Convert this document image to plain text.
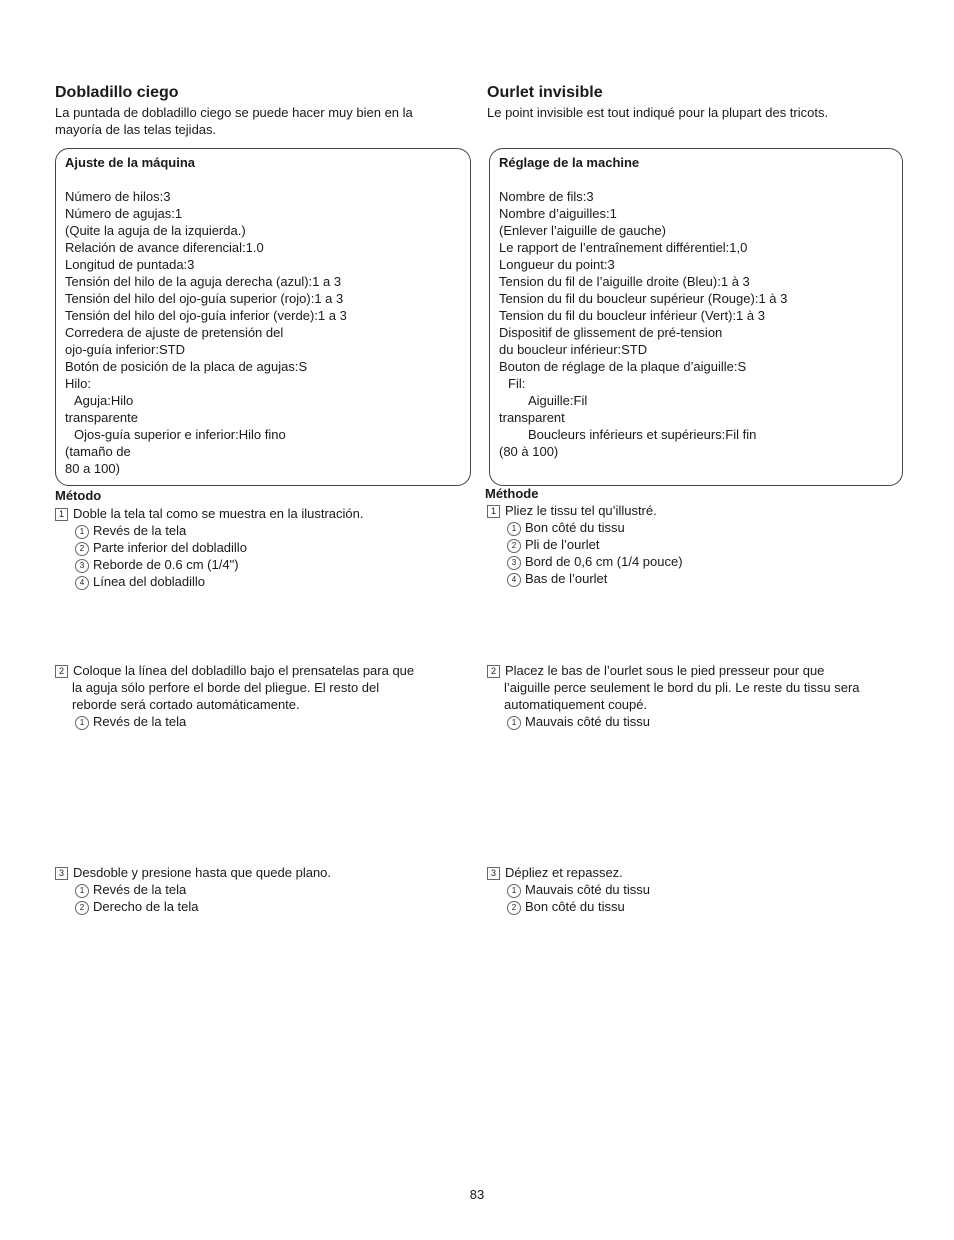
Dobladillo ciego
La puntada de dobladillo ciego se puede hacer muy bien en la
mayoría de las telas tejidas.
Ajuste de la máquina
Número de hilos:3
Número de agujas:1
(Quite la aguja de la izquierda.)
Relación de avance diferencial:1.0
Longitud de puntada:3
Tensión del hilo de la aguja derecha (azul):1 a 3
Tensión del hilo del ojo-guía superior (rojo):1 a 3
Tensión del hilo del ojo-guía inferior (verde):1 a 3
Corredera de ajuste de pretensión del
ojo-guía inferior:STD
Botón de posición de la placa de agujas:S
Hilo:
Aguja:Hilo
transparente
Ojos-guía superior e inferior:Hilo fino
(tamaño de
80 a 100)
Método
1 Doble la tela tal como se muestra en la ilustración.
1 Revés de la tela
2 Parte inferior del dobladillo
3 Reborde de 0.6 cm (1/4")
4 Línea del dobladillo
2 Coloque la línea del dobladillo bajo el prensatelas para que
la aguja sólo perfore el borde del pliegue. El resto del
reborde será cortado automáticamente.
1 Revés de la tela
3 Desdoble y presione hasta que quede plano.
1 Revés de la tela
2 Derecho de la tela
Ourlet invisible
Le point invisible est tout indiqué pour la plupart des tricots.
Réglage de la machine
Nombre de fils:3
Nombre d’aiguilles:1
(Enlever l’aiguille de gauche)
Le rapport de l’entraînement différentiel:1,0
Longueur du point:3
Tension du fil de l’aiguille droite (Bleu):1 à 3
Tension du fil du boucleur supérieur (Rouge):1 à 3
Tension du fil du boucleur inférieur (Vert):1 à 3
Dispositif de glissement de pré-tension
du boucleur inférieur:STD
Bouton de réglage de la plaque d’aiguille:S
Fil:
Aiguille:Fil
transparent
Boucleurs inférieurs et supérieurs:Fil fin
(80 à 100)
Méthode
1 Pliez le tissu tel qu’illustré.
1 Bon côté du tissu
2 Pli de l’ourlet
3 Bord de 0,6 cm (1/4 pouce)
4 Bas de l’ourlet
2 Placez le bas de l’ourlet sous le pied presseur pour que
l’aiguille perce seulement le bord du pli. Le reste du tissu sera
automatiquement coupé.
1 Mauvais côté du tissu
3 Dépliez et repassez.
1 Mauvais côté du tissu
2 Bon côté du tissu
83
